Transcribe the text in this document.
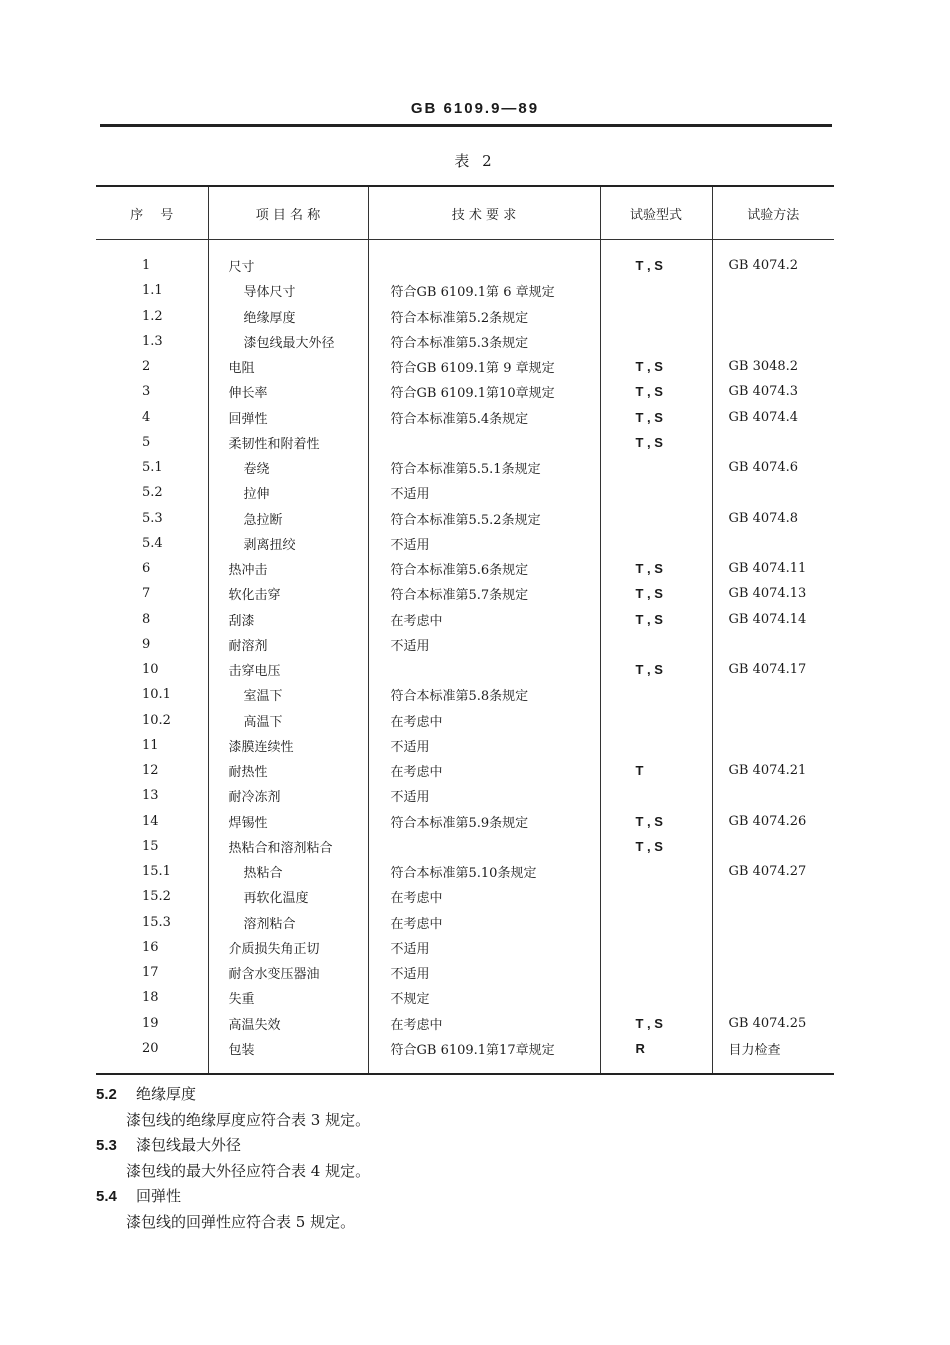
GB 6109.9—89
表 2
序　 号	项 目 名 称	技 术 要 求	试验型式	试验方法
1	尺寸		T , S	GB 4074.2
1.1	导体尺寸	符合GB 6109.1第 6 章规定		
1.2	绝缘厚度	符合本标准第5.2条规定		
1.3	漆包线最大外径	符合本标准第5.3条规定		
2	电阻	符合GB 6109.1第 9 章规定	T , S	GB 3048.2
3	伸长率	符合GB 6109.1第10章规定	T , S	GB 4074.3
4	回弹性	符合本标准第5.4条规定	T , S	GB 4074.4
5	柔韧性和附着性		T , S	
5.1	卷绕	符合本标准第5.5.1条规定		GB 4074.6
5.2	拉伸	不适用		
5.3	急拉断	符合本标准第5.5.2条规定		GB 4074.8
5.4	剥离扭绞	不适用		
6	热冲击	符合本标准第5.6条规定	T , S	GB 4074.11
7	软化击穿	符合本标准第5.7条规定	T , S	GB 4074.13
8	刮漆	在考虑中	T , S	GB 4074.14
9	耐溶剂	不适用		
10	击穿电压		T , S	GB 4074.17
10.1	室温下	符合本标准第5.8条规定		
10.2	高温下	在考虑中		
11	漆膜连续性	不适用		
12	耐热性	在考虑中	T	GB 4074.21
13	耐冷冻剂	不适用		
14	焊锡性	符合本标准第5.9条规定	T , S	GB 4074.26
15	热粘合和溶剂粘合		T , S	
15.1	热粘合	符合本标准第5.10条规定		GB 4074.27
15.2	再软化温度	在考虑中		
15.3	溶剂粘合	在考虑中		
16	介质损失角正切	不适用		
17	耐含水变压器油	不适用		
18	失重	不规定		
19	高温失效	在考虑中	T , S	GB 4074.25
20	包装	符合GB 6109.1第17章规定	R	目力检查
5.2 绝缘厚度
漆包线的绝缘厚度应符合表 3 规定。
5.3 漆包线最大外径
漆包线的最大外径应符合表 4 规定。
5.4 回弹性
漆包线的回弹性应符合表 5 规定。
